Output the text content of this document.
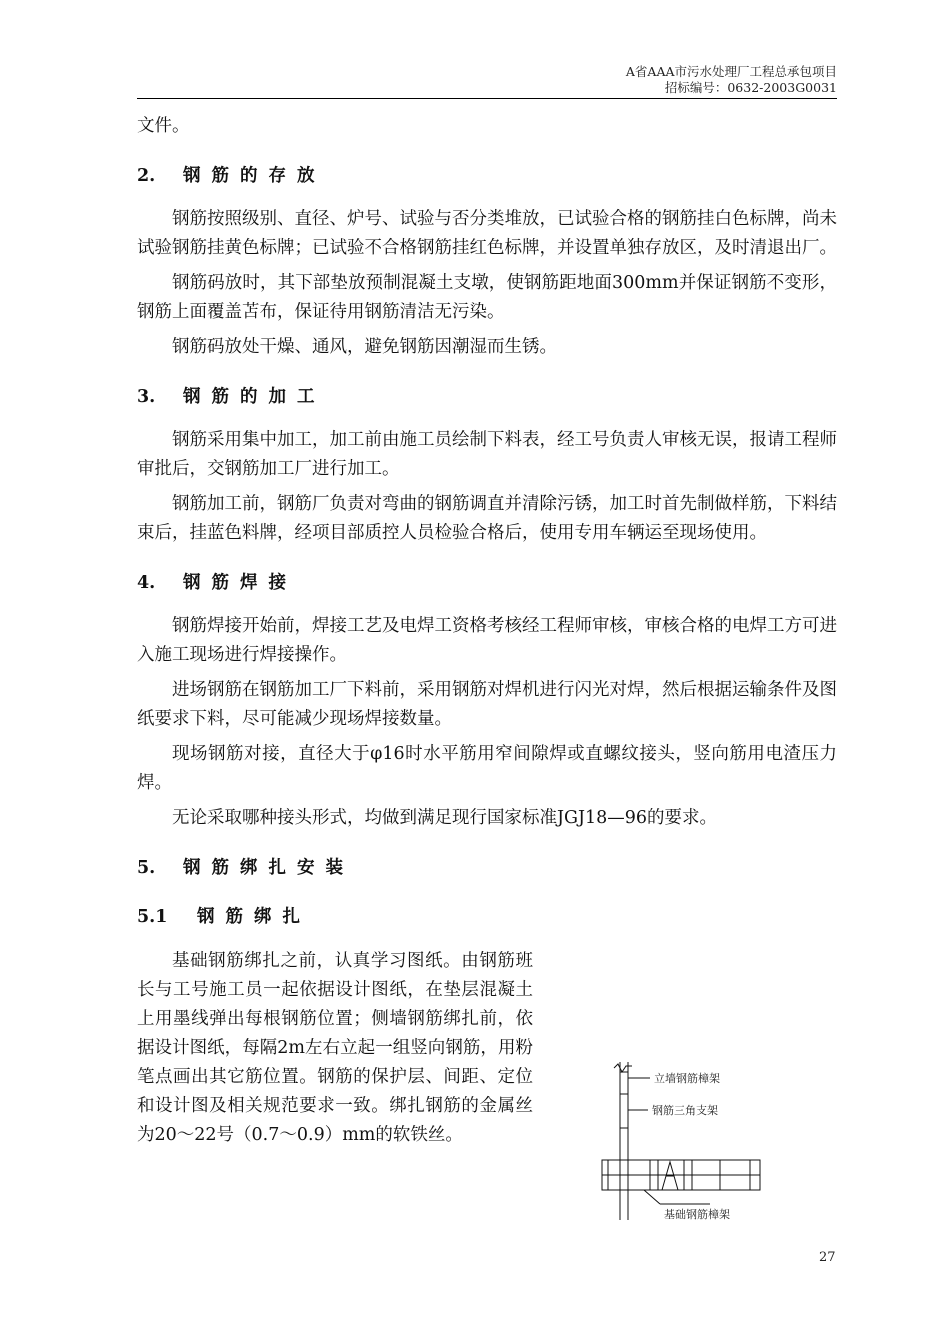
A省AAA市污水处理厂工程总承包项目
招标编号：0632-2003G0031

文件。

2. 钢筋的存放

钢筋按照级别、直径、炉号、试验与否分类堆放，已试验合格的钢筋挂白色标牌，尚未试验钢筋挂黄色标牌；已试验不合格钢筋挂红色标牌，并设置单独存放区，及时清退出厂。

钢筋码放时，其下部垫放预制混凝土支墩，使钢筋距地面300mm并保证钢筋不变形，钢筋上面覆盖苫布，保证待用钢筋清洁无污染。

钢筋码放处干燥、通风，避免钢筋因潮湿而生锈。

3. 钢筋的加工

钢筋采用集中加工，加工前由施工员绘制下料表，经工号负责人审核无误，报请工程师审批后，交钢筋加工厂进行加工。

钢筋加工前，钢筋厂负责对弯曲的钢筋调直并清除污锈，加工时首先制做样筋，下料结束后，挂蓝色料牌，经项目部质控人员检验合格后，使用专用车辆运至现场使用。

4. 钢筋焊接

钢筋焊接开始前，焊接工艺及电焊工资格考核经工程师审核，审核合格的电焊工方可进入施工现场进行焊接操作。

进场钢筋在钢筋加工厂下料前，采用钢筋对焊机进行闪光对焊，然后根据运输条件及图纸要求下料，尽可能减少现场焊接数量。

现场钢筋对接，直径大于φ16时水平筋用窄间隙焊或直螺纹接头，竖向筋用电渣压力焊。

无论采取哪种接头形式，均做到满足现行国家标准JGJ18—96的要求。

5. 钢筋绑扎安装
5.1 钢筋绑扎

基础钢筋绑扎之前，认真学习图纸。由钢筋班长与工号施工员一起依据设计图纸，在垫层混凝土上用墨线弹出每根钢筋位置；侧墙钢筋绑扎前，依据设计图纸，每隔2m左右立起一组竖向钢筋，用粉笔点画出其它筋位置。钢筋的保护层、间距、定位和设计图及相关规范要求一致。绑扎钢筋的金属丝为20～22号（0.7～0.9）mm的软铁丝。

立墙钢筋樟架
钢筋三角支架
基础钢筋樟架
27
